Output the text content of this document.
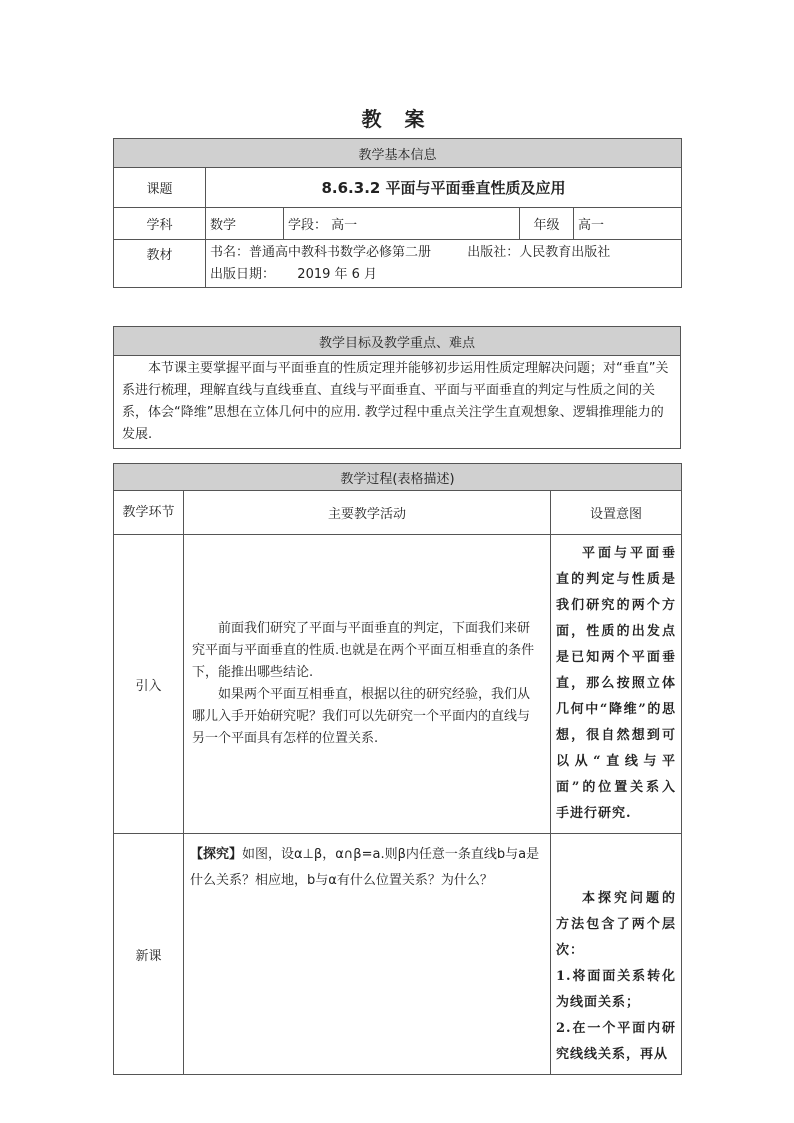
教 案
教学基本信息				
课题	8.6.3.2 平面与平面垂直性质及应用			
学科	数学	学段： 高一	年级	高一
教材	书名：普通高中教科书数学必修第二册 出版社：人民教育出版社
出版日期： 2019 年 6 月			
教学目标及教学重点、难点
本节课主要掌握平面与平面垂直的性质定理并能够初步运用性质定理解决问题；对“垂直”关系进行梳理，理解直线与直线垂直、直线与平面垂直、平面与平面垂直的判定与性质之间的关系，体会“降维”思想在立体几何中的应用. 教学过程中重点关注学生直观想象、逻辑推理能力的发展.
教学过程(表格描述)		
教学环节	主要教学活动	设置意图
引入	前面我们研究了平面与平面垂直的判定，下面我们来研究平面与平面垂直的性质.也就是在两个平面互相垂直的条件下，能推出哪些结论.

如果两个平面互相垂直，根据以往的研究经验，我们从哪儿入手开始研究呢？我们可以先研究一个平面内的直线与另一个平面具有怎样的位置关系.	平面与平面垂直的判定与性质是我们研究的两个方面，性质的出发点是已知两个平面垂直，那么按照立体几何中“降维”的思想，很自然想到可以从“直线与平面”的位置关系入手进行研究.
新课	【探究】如图，设α⊥β，α∩β=a.则β内任意一条直线b与a是什么关系？相应地，b与α有什么位置关系？为什么？	本探究问题的方法包含了两个层次：
1.将面面关系转化为线面关系；
2.在一个平面内研究线线关系，再从
